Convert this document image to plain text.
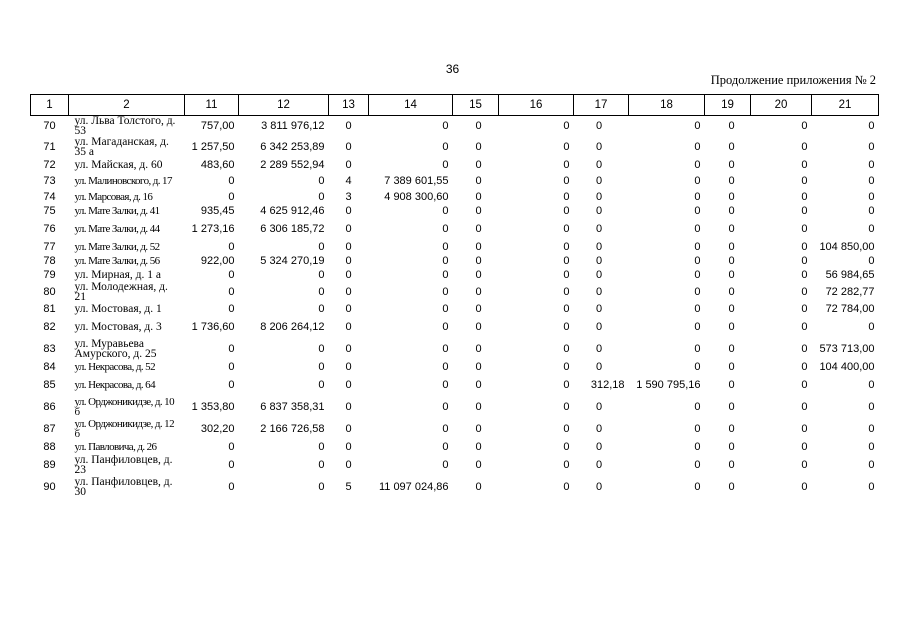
36
Продолжение приложения № 2
1	2	11	12	13	14	15	16	17	18	19	20	21
70	ул. Льва Толстого, д. 53	757,00	3 811 976,12	0	0	0	0	0	0	0	0	0
71	ул. Магаданская, д. 35 а	1 257,50	6 342 253,89	0	0	0	0	0	0	0	0	0
72	ул. Майская, д. 60	483,60	2 289 552,94	0	0	0	0	0	0	0	0	0
73	ул. Малиновского, д. 17	0	0	4	7 389 601,55	0	0	0	0	0	0	0
74	ул. Марсовая, д. 16	0	0	3	4 908 300,60	0	0	0	0	0	0	0
75	ул. Мате Залки, д. 41	935,45	4 625 912,46	0	0	0	0	0	0	0	0	0
76	ул. Мате Залки, д. 44	1 273,16	6 306 185,72	0	0	0	0	0	0	0	0	0
77	ул. Мате Залки, д. 52	0	0	0	0	0	0	0	0	0	0	104 850,00
78	ул. Мате Залки, д. 56	922,00	5 324 270,19	0	0	0	0	0	0	0	0	0
79	ул. Мирная, д. 1 а	0	0	0	0	0	0	0	0	0	0	56 984,65
80	ул. Молодежная, д. 21	0	0	0	0	0	0	0	0	0	0	72 282,77
81	ул. Мостовая, д. 1	0	0	0	0	0	0	0	0	0	0	72 784,00
82	ул. Мостовая, д. 3	1 736,60	8 206 264,12	0	0	0	0	0	0	0	0	0
83	ул. Муравьева Амурского, д. 25	0	0	0	0	0	0	0	0	0	0	573 713,00
84	ул. Некрасова, д. 52	0	0	0	0	0	0	0	0	0	0	104 400,00
85	ул. Некрасова, д. 64	0	0	0	0	0	0	312,18	1 590 795,16	0	0	0
86	ул. Орджоникидзе, д. 10 б	1 353,80	6 837 358,31	0	0	0	0	0	0	0	0	0
87	ул. Орджоникидзе, д. 12 б	302,20	2 166 726,58	0	0	0	0	0	0	0	0	0
88	ул. Павловича, д. 26	0	0	0	0	0	0	0	0	0	0	0
89	ул. Панфиловцев, д. 23	0	0	0	0	0	0	0	0	0	0	0
90	ул. Панфиловцев, д. 30	0	0	5	11 097 024,86	0	0	0	0	0	0	0
